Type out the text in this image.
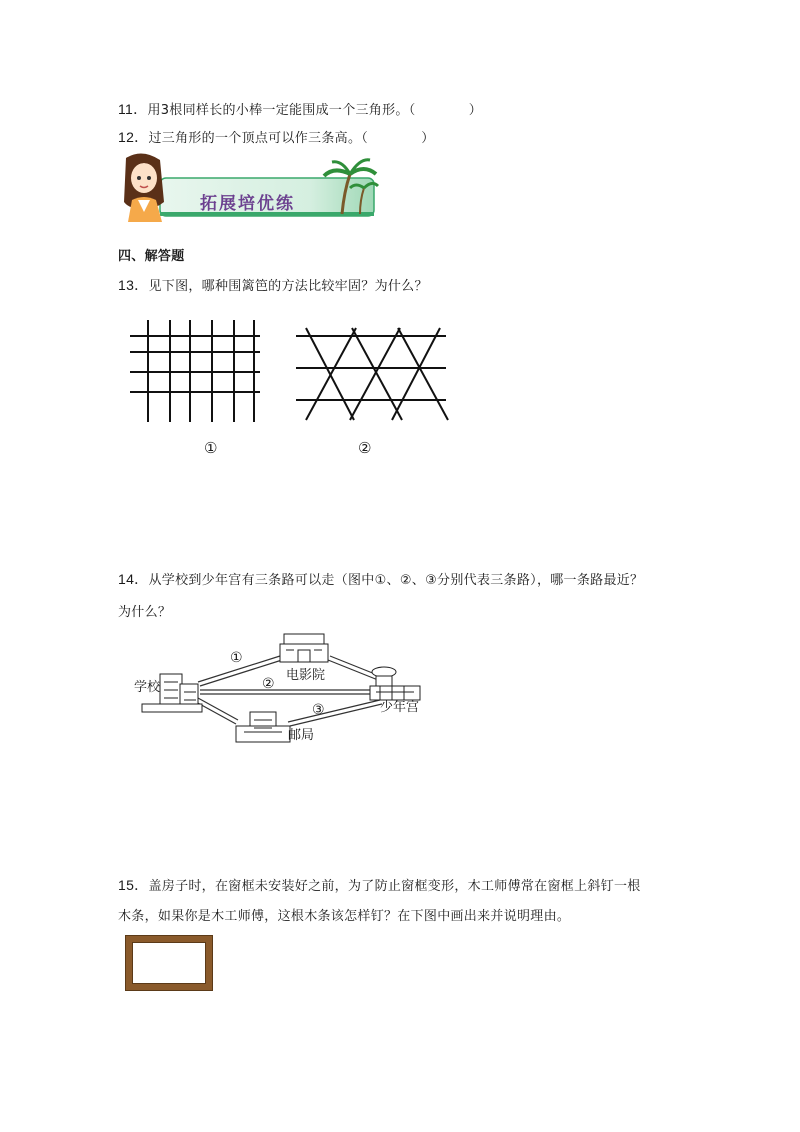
11．用3根同样长的小棒一定能围成一个三角形。（　　　　）
12．过三角形的一个顶点可以作三条高。（　　　　）
拓展培优练
四、解答题
13．见下图，哪种围篱笆的方法比较牢固？为什么？
①	②
14．从学校到少年宫有三条路可以走（图中①、②、③分别代表三条路），哪一条路最近？
为什么？
学校
电影院
少年宫
邮局
①
②
③
15．盖房子时，在窗框未安装好之前，为了防止窗框变形，木工师傅常在窗框上斜钉一根
木条，如果你是木工师傅，这根木条该怎样钉？在下图中画出来并说明理由。
